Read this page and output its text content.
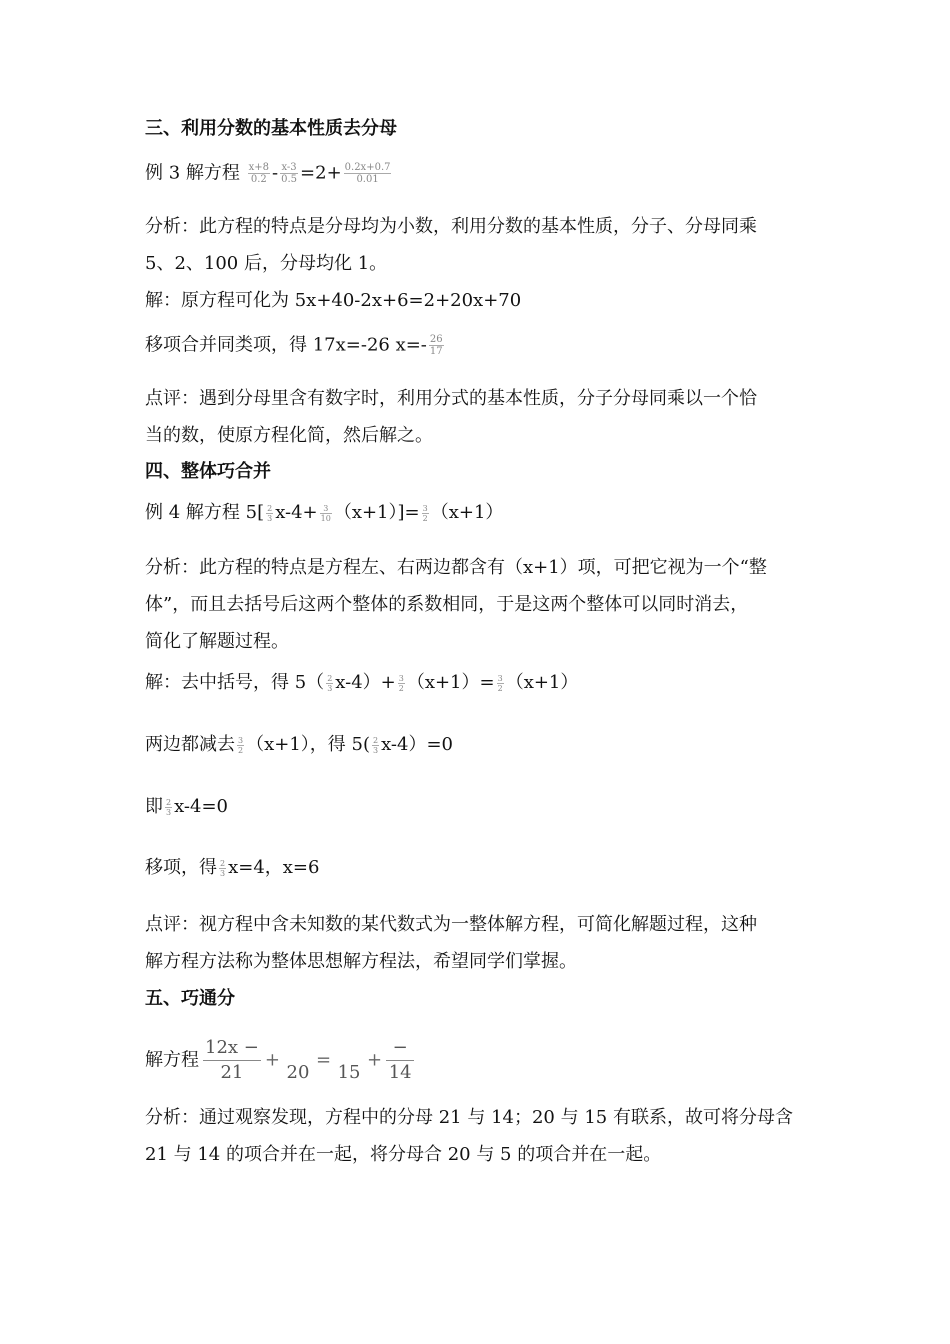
三、利用分数的基本性质去分母
例 3 解方程 $\frac{x+8}{0.2} - \frac{x-3}{0.5} =2+ \frac{0.2x+0.7}{0.01}$
分析：此方程的特点是分母均为小数，利用分数的基本性质，分子、分母同乘
5、2、100 后，分母均化 1。
解：原方程可化为 5x+40-2x+6=2+20x+70
移项合并同类项，得 17x=-26 $x=- \frac{26}{17}$
点评：遇到分母里含有数字时，利用分式的基本性质，分子分母同乘以一个恰
当的数，使原方程化简，然后解之。
四、整体巧合并
例 4 解方程 $5[ \frac{2}{3} x-4+ \frac{3}{10} (x+1)]= \frac{3}{2} (x+1)$
分析：此方程的特点是方程左、右两边都含有（x+1）项，可把它视为一个“整
体”，而且去括号后这两个整体的系数相同，于是这两个整体可以同时消去，
简化了解题过程。
解：去中括号，得 $5( \frac{2}{3} x-4)+ \frac{3}{2} (x+1)= \frac{3}{2} (x+1)$
两边都减去 $\frac{3}{2} (x+1)$，得 $5( \frac{2}{3} x-4)=0$
即 $\frac{2}{3} x-4=0$
移项，得 $\frac{2}{3} x=4$，x=6
点评：视方程中含未知数的某代数式为一整体解方程，可简化解题过程，这种
解方程方法称为整体思想解方程法，希望同学们掌握。
五、巧通分
解方程 $\frac{12x -}{21}$ +

20
=

15
+ $\frac{-}{14}$
分析：通过观察发现，方程中的分母 21 与 14；20 与 15 有联系，故可将分母含
21 与 14 的项合并在一起，将分母合 20 与 5 的项合并在一起。
